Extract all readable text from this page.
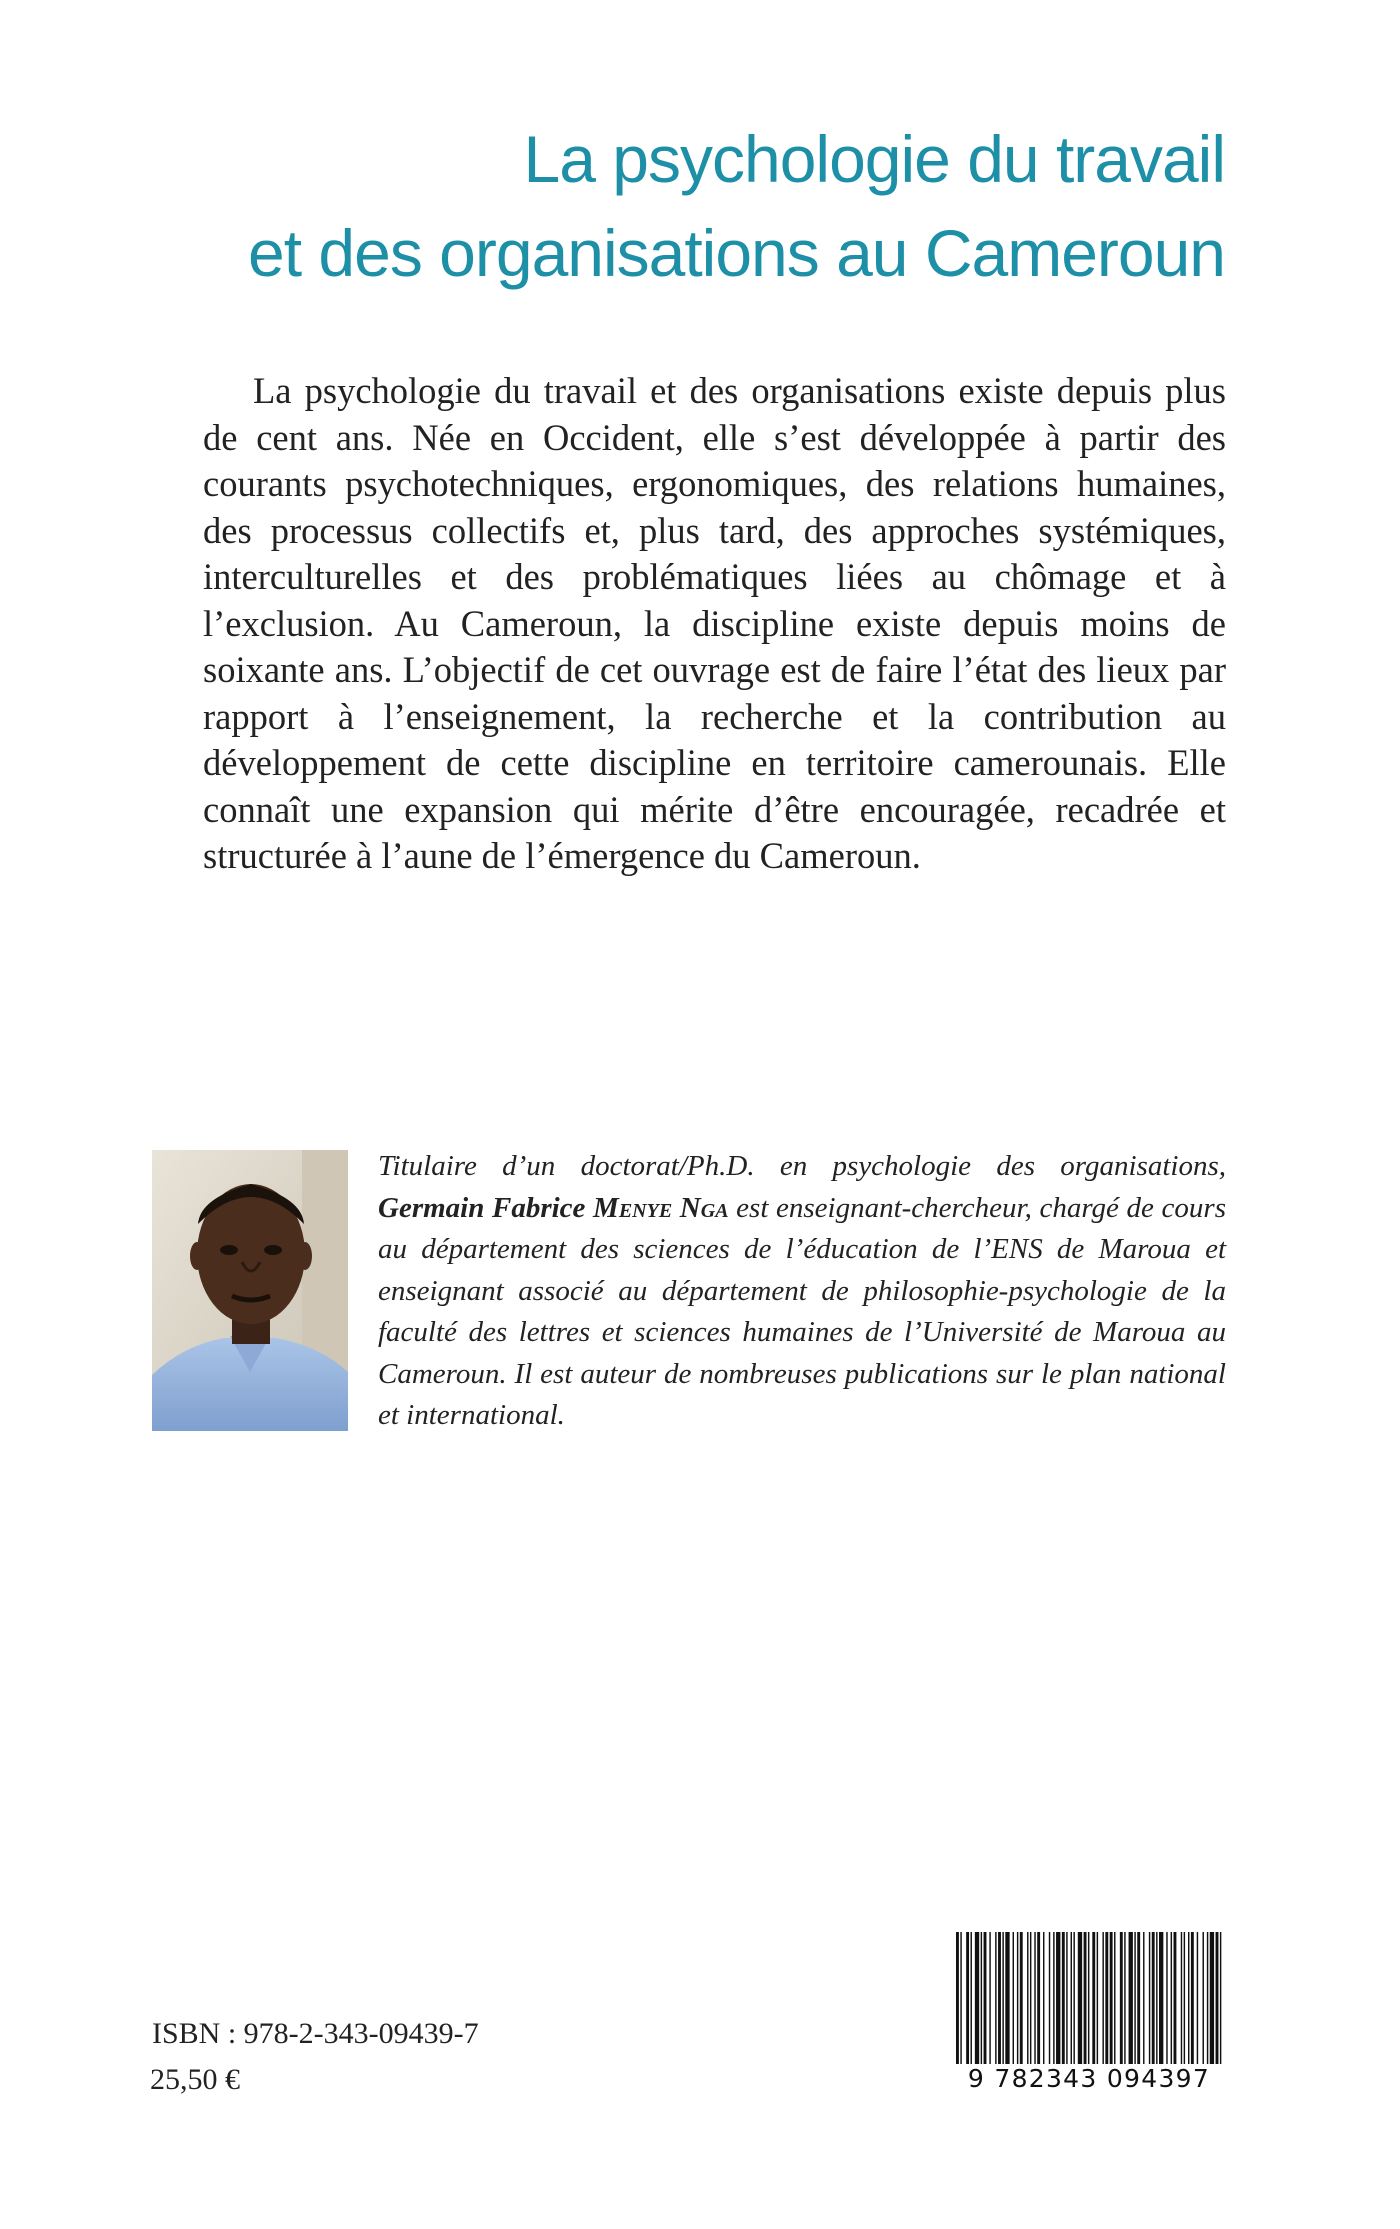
La psychologie du travail
et des organisations au Cameroun

La psychologie du travail et des organisations existe depuis plus de cent ans. Née en Occident, elle s’est développée à partir des courants psychotechniques, ergonomiques, des relations humaines, des processus collectifs et, plus tard, des approches systémiques, interculturelles et des problématiques liées au chômage et à l’exclusion. Au Cameroun, la discipline existe depuis moins de soixante ans. L’objectif de cet ouvrage est de faire l’état des lieux par rapport à l’enseignement, la recherche et la contribution au développement de cette discipline en territoire camerounais. Elle connaît une expansion qui mérite d’être encouragée, recadrée et structurée à l’aune de l’émergence du Cameroun.

Titulaire d’un doctorat/Ph.D. en psychologie des organisations, Germain Fabrice Menye Nga est enseignant-chercheur, chargé de cours au département des sciences de l’éducation de l’ENS de Maroua et enseignant associé au département de philosophie-psychologie de la faculté des lettres et sciences humaines de l’Université de Maroua au Cameroun. Il est auteur de nombreuses publications sur le plan national et international.

ISBN : 978-2-343-09439-7
25,50 €	9 782343 094397
